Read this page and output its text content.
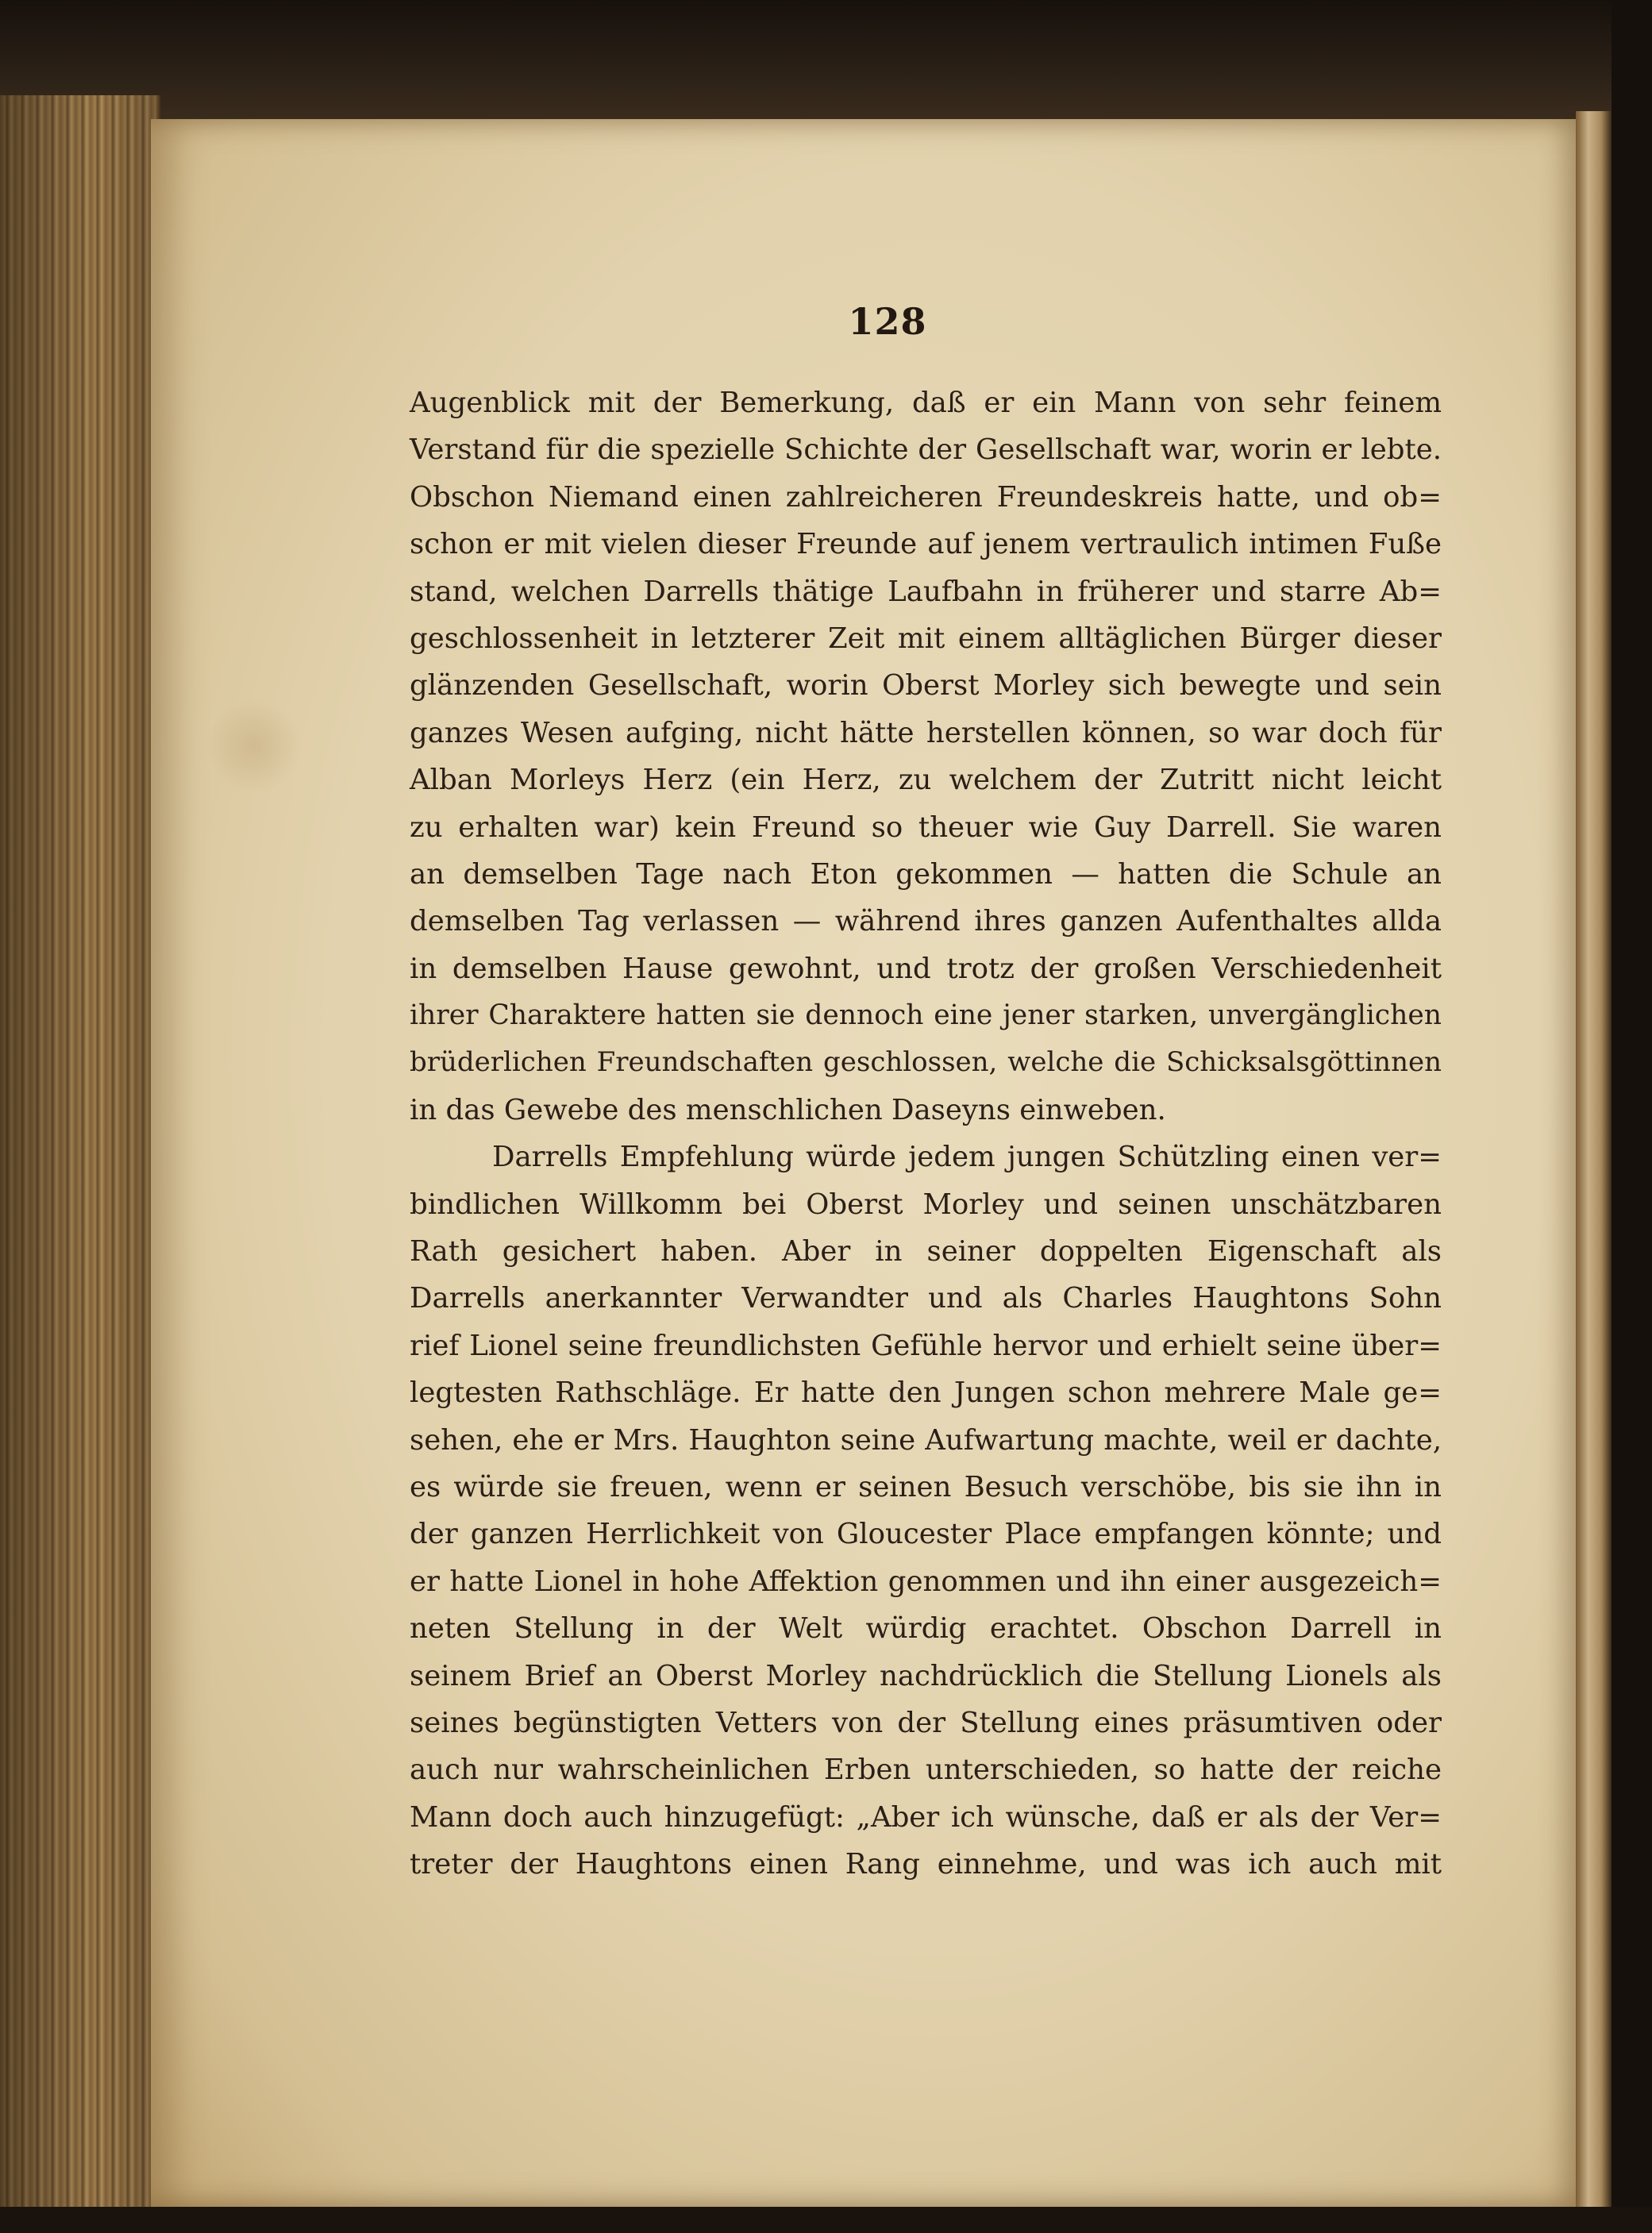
128
Augenblick mit der Bemerkung, daß er ein Mann von sehr feinem
Verstand für die spezielle Schichte der Gesellschaft war, worin er lebte.
Obschon Niemand einen zahlreicheren Freundeskreis hatte, und ob=
schon er mit vielen dieser Freunde auf jenem vertraulich intimen Fuße
stand, welchen Darrells thätige Laufbahn in früherer und starre Ab=
geschlossenheit in letzterer Zeit mit einem alltäglichen Bürger dieser
glänzenden Gesellschaft, worin Oberst Morley sich bewegte und sein
ganzes Wesen aufging, nicht hätte herstellen können, so war doch für
Alban Morleys Herz (ein Herz, zu welchem der Zutritt nicht leicht
zu erhalten war) kein Freund so theuer wie Guy Darrell. Sie waren
an demselben Tage nach Eton gekommen — hatten die Schule an
demselben Tag verlassen — während ihres ganzen Aufenthaltes allda
in demselben Hause gewohnt, und trotz der großen Verschiedenheit
ihrer Charaktere hatten sie dennoch eine jener starken, unvergänglichen
brüderlichen Freundschaften geschlossen, welche die Schicksalsgöttinnen
in das Gewebe des menschlichen Daseyns einweben.
Darrells Empfehlung würde jedem jungen Schützling einen ver=
bindlichen Willkomm bei Oberst Morley und seinen unschätzbaren
Rath gesichert haben. Aber in seiner doppelten Eigenschaft als
Darrells anerkannter Verwandter und als Charles Haughtons Sohn
rief Lionel seine freundlichsten Gefühle hervor und erhielt seine über=
legtesten Rathschläge. Er hatte den Jungen schon mehrere Male ge=
sehen, ehe er Mrs. Haughton seine Aufwartung machte, weil er dachte,
es würde sie freuen, wenn er seinen Besuch verschöbe, bis sie ihn in
der ganzen Herrlichkeit von Gloucester Place empfangen könnte; und
er hatte Lionel in hohe Affektion genommen und ihn einer ausgezeich=
neten Stellung in der Welt würdig erachtet. Obschon Darrell in
seinem Brief an Oberst Morley nachdrücklich die Stellung Lionels als
seines begünstigten Vetters von der Stellung eines präsumtiven oder
auch nur wahrscheinlichen Erben unterschieden, so hatte der reiche
Mann doch auch hinzugefügt: „Aber ich wünsche, daß er als der Ver=
treter der Haughtons einen Rang einnehme, und was ich auch mit
